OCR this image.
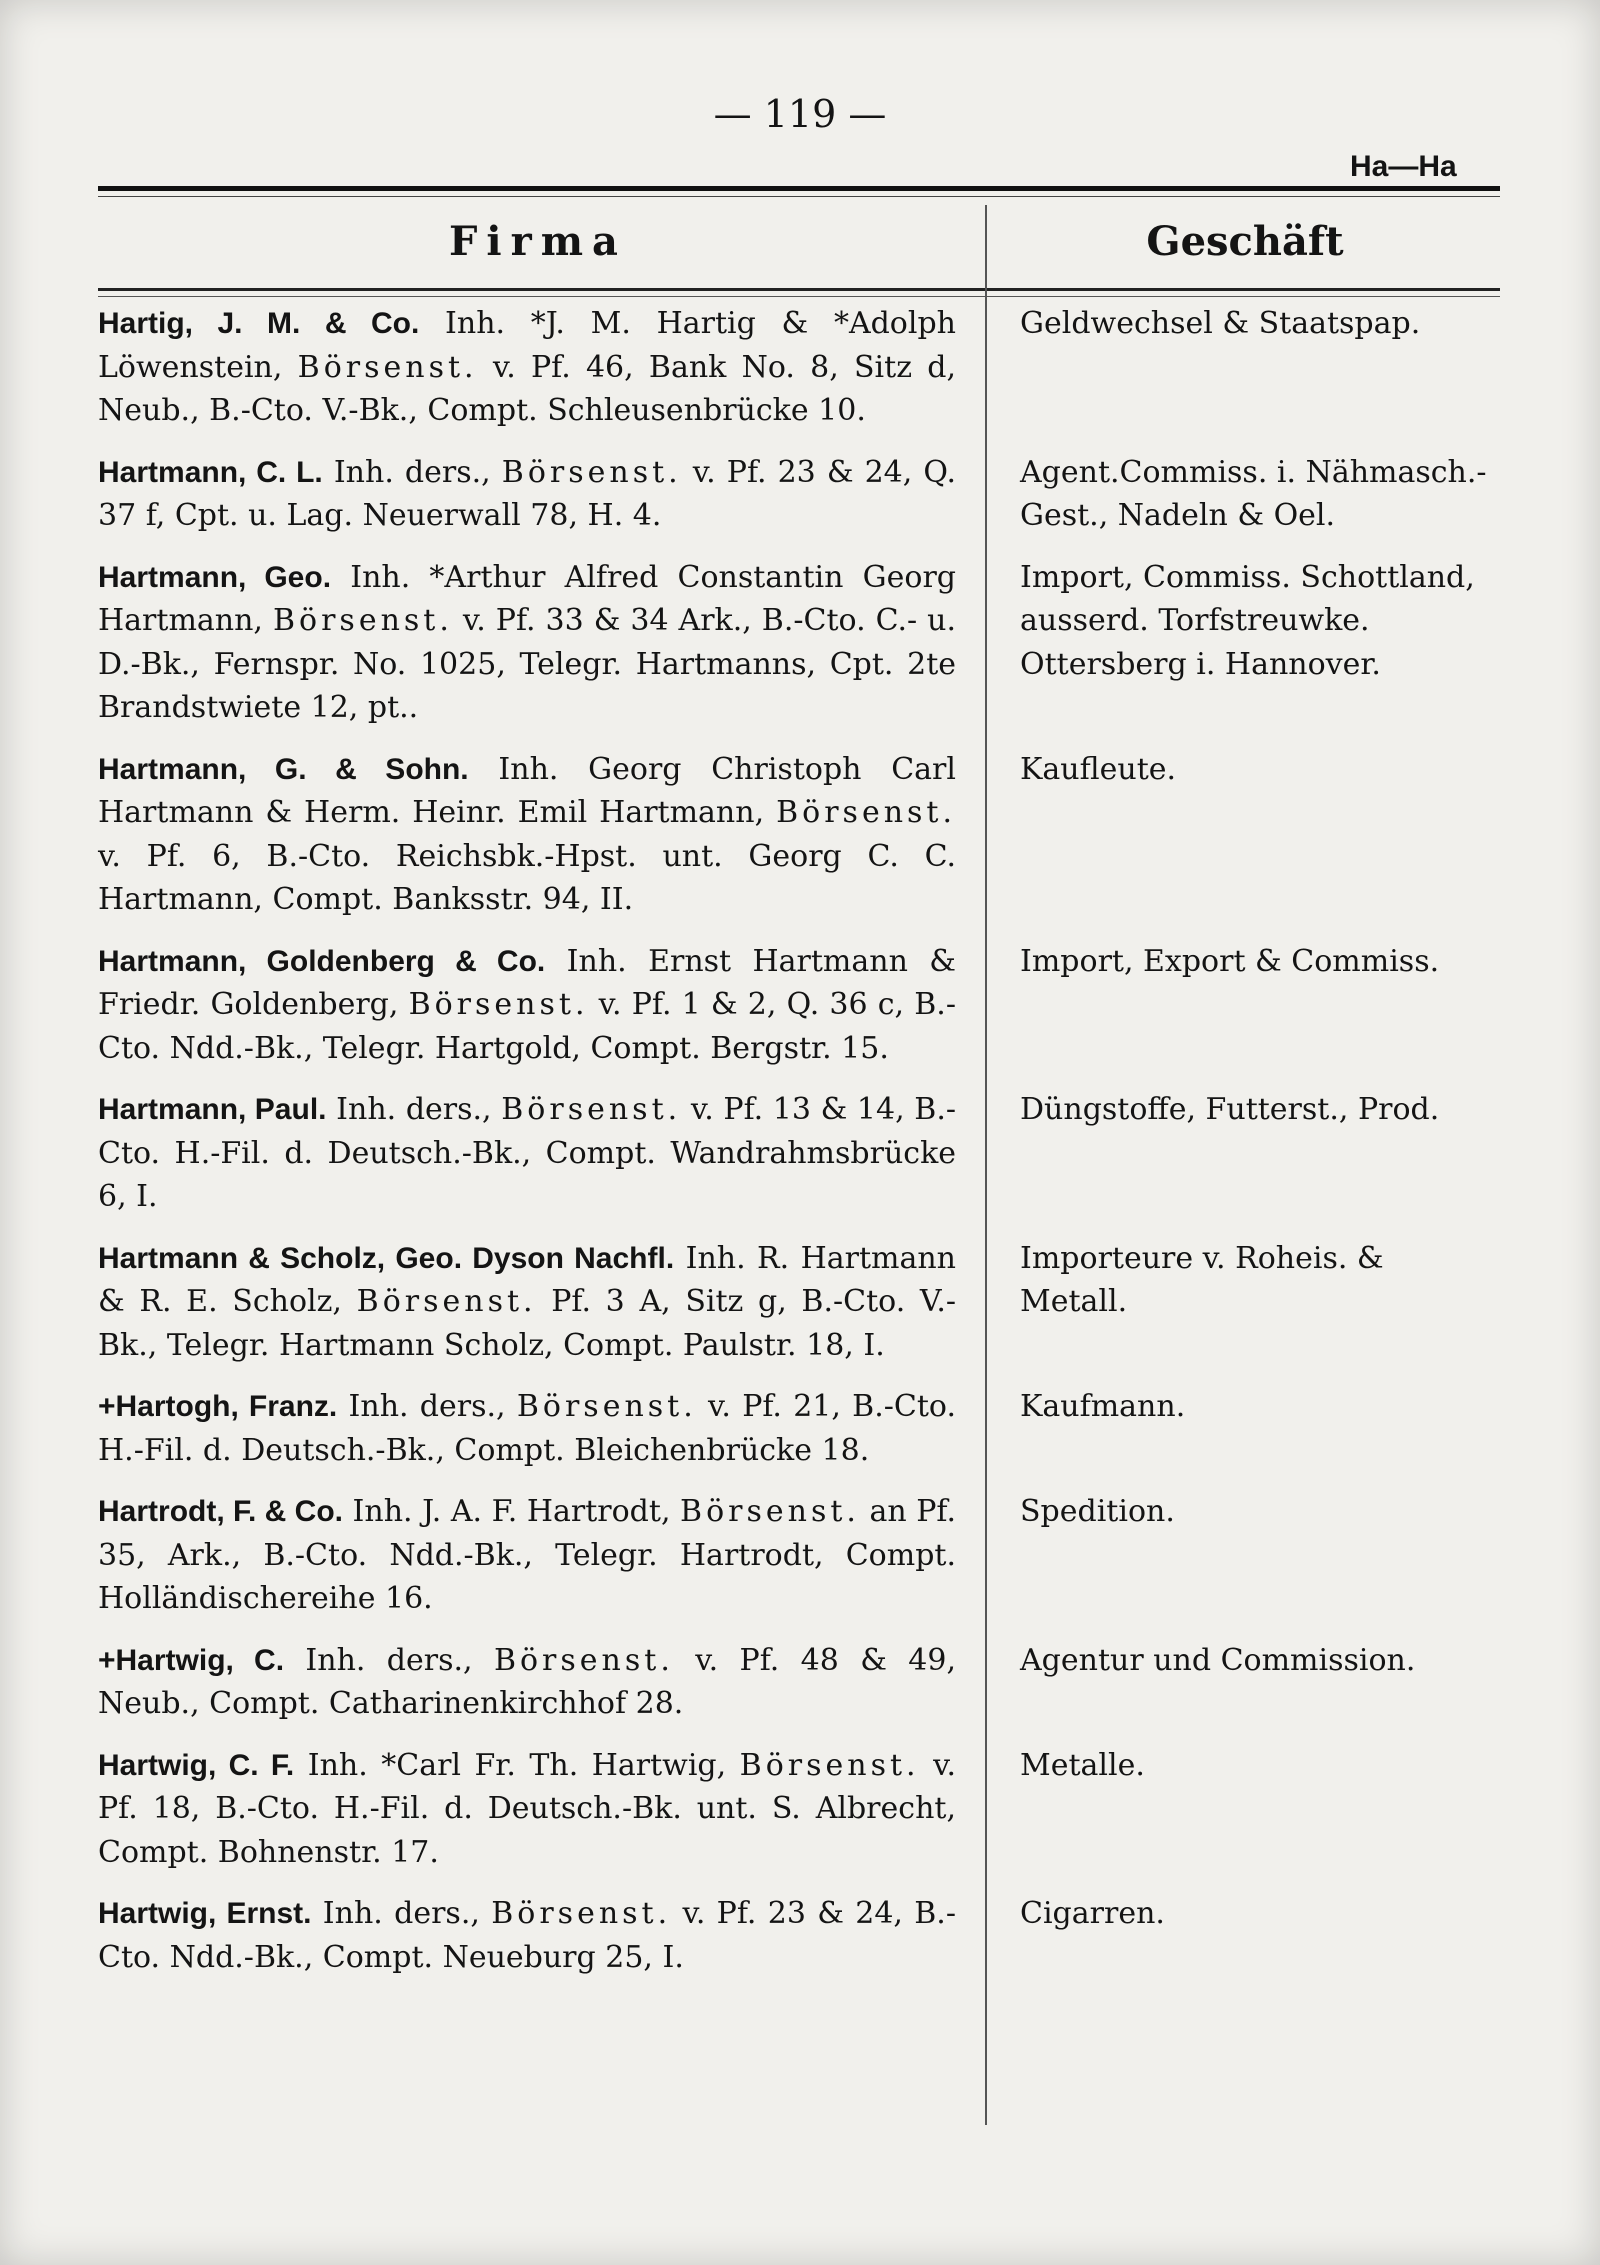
— 119 —
Ha—Ha
Firma	Geschäft
Hartig, J. M. & Co. Inh. *J. M. Hartig & *Adolph Löwenstein, Börsenst. v. Pf. 46, Bank No. 8, Sitz d, Neub., B.-Cto. V.-Bk., Compt. Schleusenbrücke 10.
Geldwechsel & Staatspap.
Hartmann, C. L. Inh. ders., Börsenst. v. Pf. 23 & 24, Q. 37 f, Cpt. u. Lag. Neuerwall 78, H. 4.
Agent.Commiss. i. Nähmasch.-Gest., Nadeln & Oel.
Hartmann, Geo. Inh. *Arthur Alfred Constantin Georg Hartmann, Börsenst. v. Pf. 33 & 34 Ark., B.-Cto. C.- u. D.-Bk., Fernspr. No. 1025, Telegr. Hartmanns, Cpt. 2te Brandstwiete 12, pt..
Import, Commiss. Schottland, ausserd. Torfstreuwke. Ottersberg i. Hannover.
Hartmann, G. & Sohn. Inh. Georg Christoph Carl Hartmann & Herm. Heinr. Emil Hartmann, Börsenst. v. Pf. 6, B.-Cto. Reichsbk.-Hpst. unt. Georg C. C. Hartmann, Compt. Banksstr. 94, II.
Kaufleute.
Hartmann, Goldenberg & Co. Inh. Ernst Hartmann & Friedr. Goldenberg, Börsenst. v. Pf. 1 & 2, Q. 36 c, B.-Cto. Ndd.-Bk., Telegr. Hartgold, Compt. Bergstr. 15.
Import, Export & Commiss.
Hartmann, Paul. Inh. ders., Börsenst. v. Pf. 13 & 14, B.-Cto. H.-Fil. d. Deutsch.-Bk., Compt. Wandrahmsbrücke 6, I.
Düngstoffe, Futterst., Prod.
Hartmann & Scholz, Geo. Dyson Nachfl. Inh. R. Hartmann & R. E. Scholz, Börsenst. Pf. 3 A, Sitz g, B.-Cto. V.-Bk., Telegr. Hartmann Scholz, Compt. Paulstr. 18, I.
Importeure v. Roheis. & Metall.
+Hartogh, Franz. Inh. ders., Börsenst. v. Pf. 21, B.-Cto. H.-Fil. d. Deutsch.-Bk., Compt. Bleichenbrücke 18.
Kaufmann.
Hartrodt, F. & Co. Inh. J. A. F. Hartrodt, Börsenst. an Pf. 35, Ark., B.-Cto. Ndd.-Bk., Telegr. Hartrodt, Compt. Holländischereihe 16.
Spedition.
+Hartwig, C. Inh. ders., Börsenst. v. Pf. 48 & 49, Neub., Compt. Catharinenkirchhof 28.
Agentur und Commission.
Hartwig, C. F. Inh. *Carl Fr. Th. Hartwig, Börsenst. v. Pf. 18, B.-Cto. H.-Fil. d. Deutsch.-Bk. unt. S. Albrecht, Compt. Bohnenstr. 17.
Metalle.
Hartwig, Ernst. Inh. ders., Börsenst. v. Pf. 23 & 24, B.-Cto. Ndd.-Bk., Compt. Neueburg 25, I.
Cigarren.
